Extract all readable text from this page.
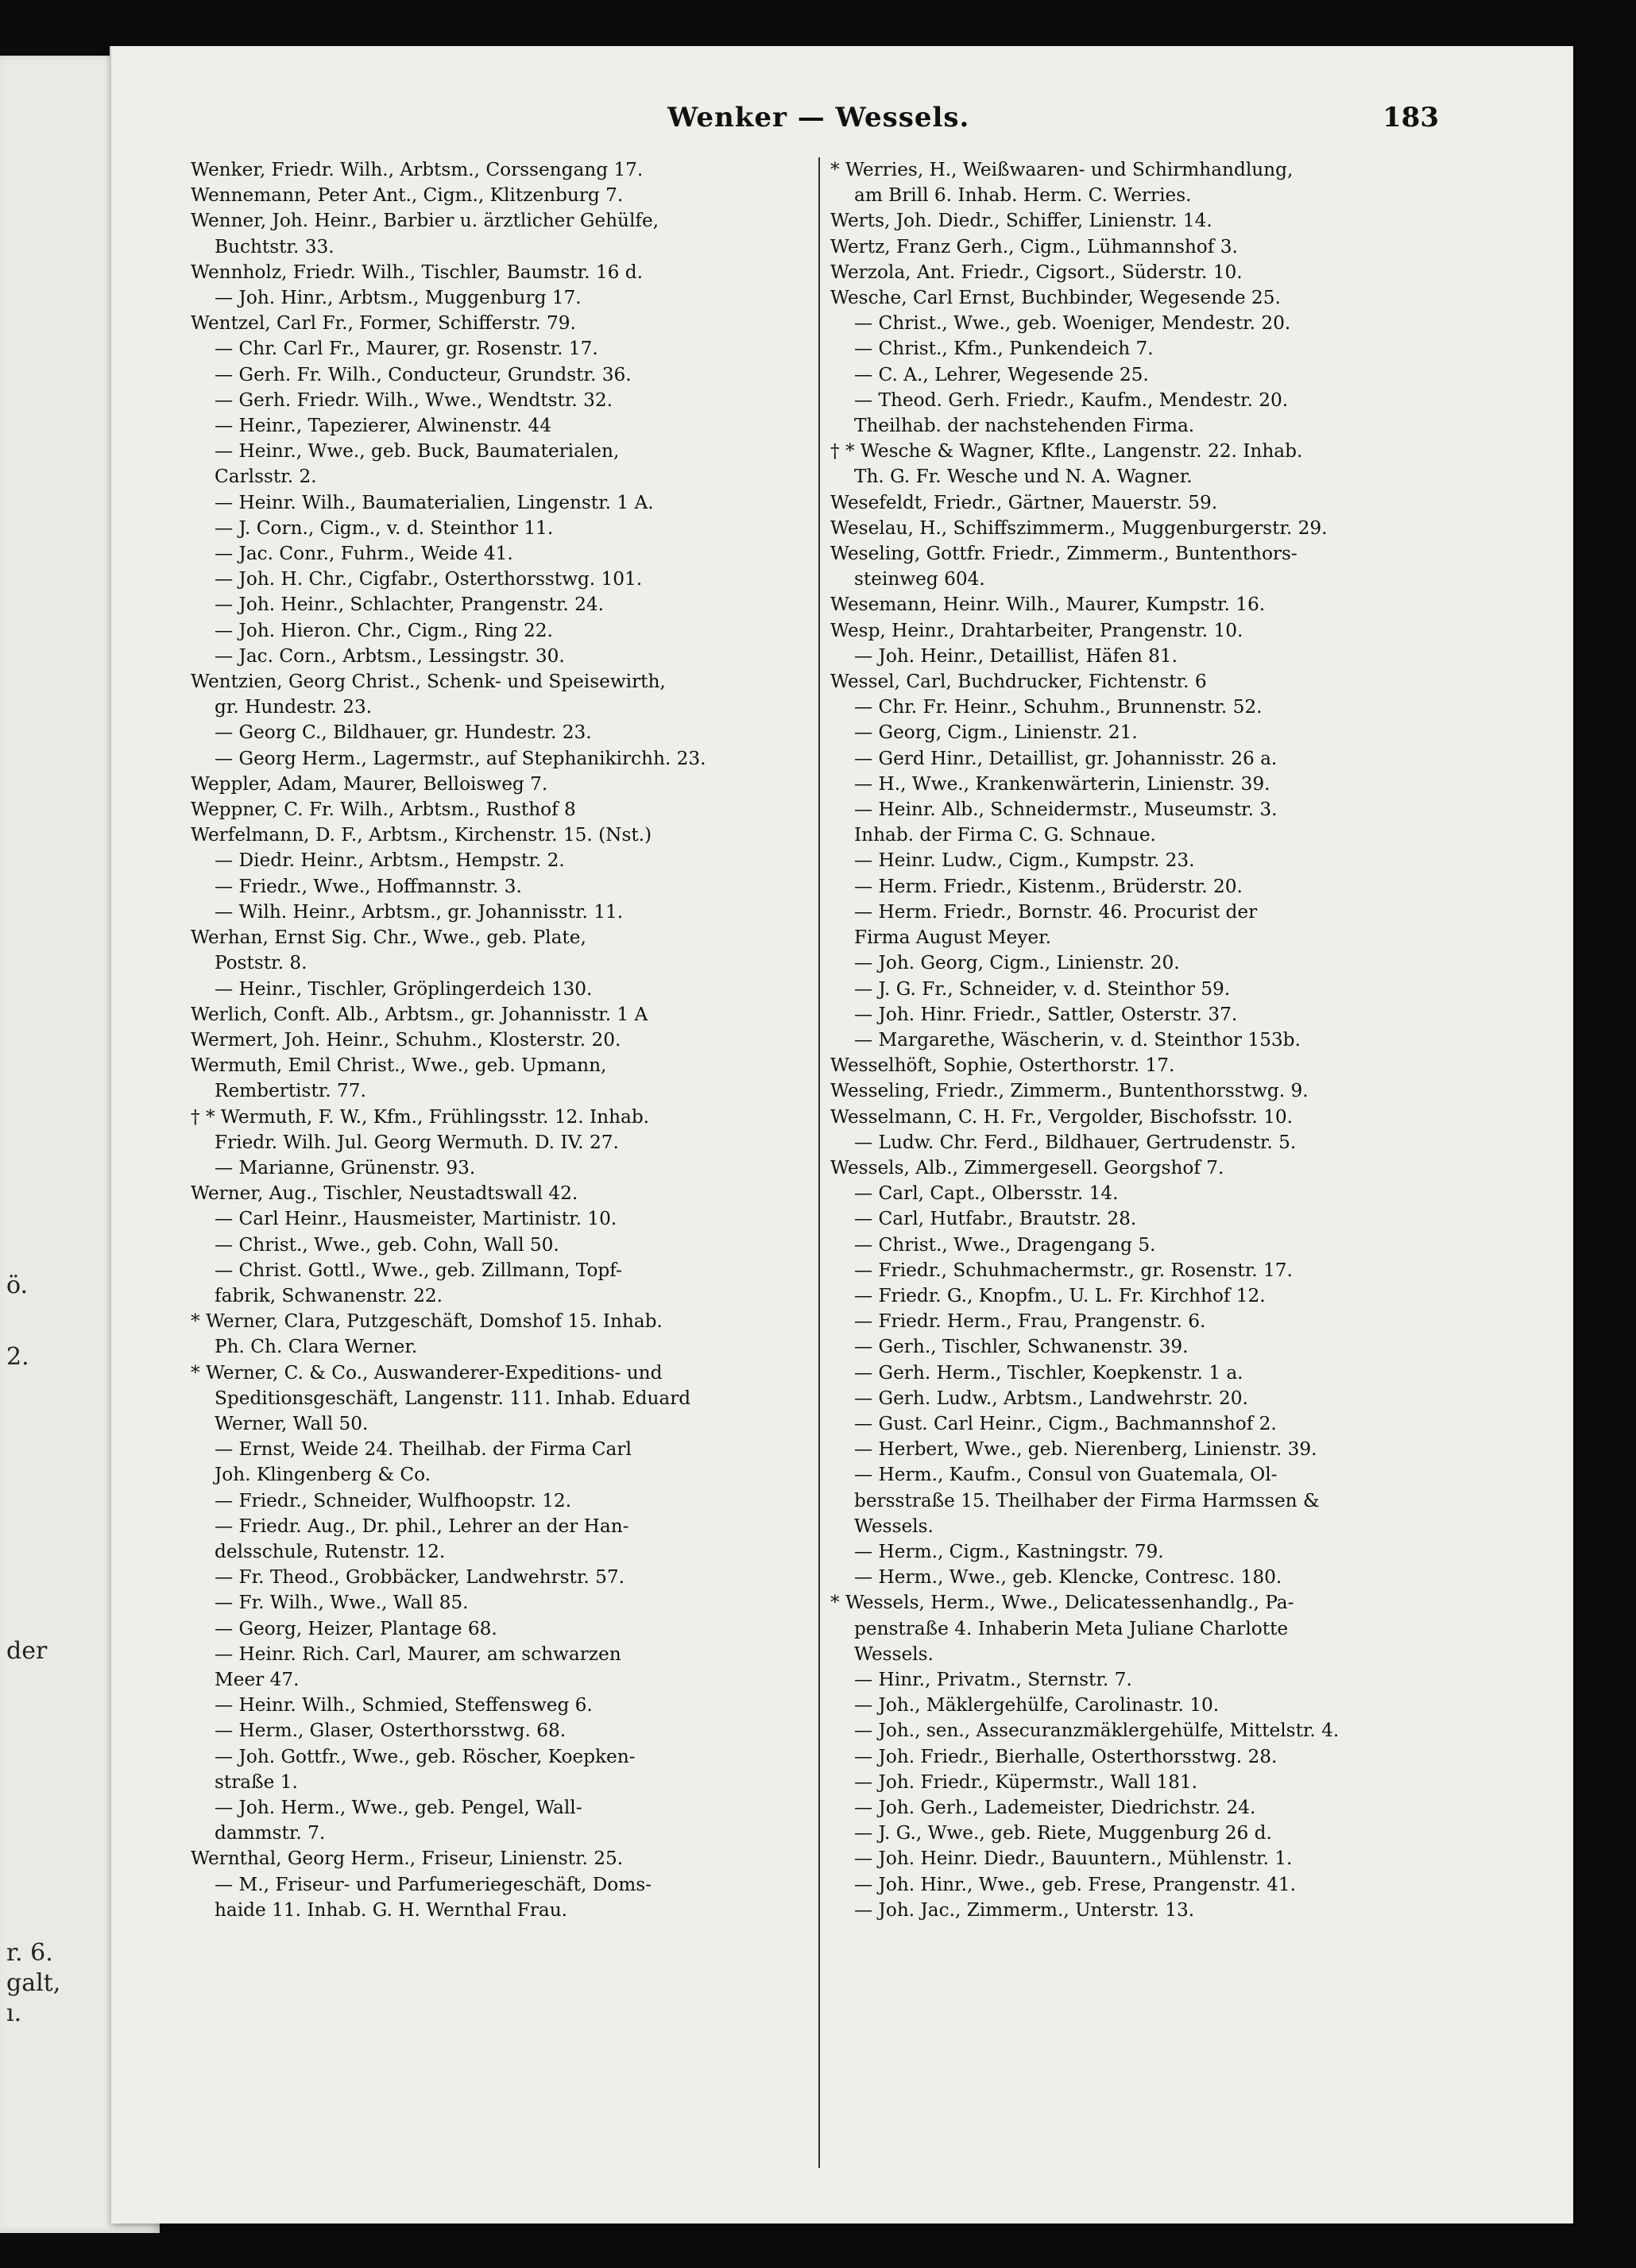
ö.
2.
der
r. 6.
galt,
ı.
Wenker — Wessels.	183
Wenker, Friedr. Wilh., Arbtsm., Corssengang 17.
Wennemann, Peter Ant., Cigm., Klitzenburg 7.
Wenner, Joh. Heinr., Barbier u. ärztlicher Gehülfe,
Buchtstr. 33.
Wennholz, Friedr. Wilh., Tischler, Baumstr. 16 d.
— Joh. Hinr., Arbtsm., Muggenburg 17.
Wentzel, Carl Fr., Former, Schifferstr. 79.
— Chr. Carl Fr., Maurer, gr. Rosenstr. 17.
— Gerh. Fr. Wilh., Conducteur, Grundstr. 36.
— Gerh. Friedr. Wilh., Wwe., Wendtstr. 32.
— Heinr., Tapezierer, Alwinenstr. 44
— Heinr., Wwe., geb. Buck, Baumaterialen,
Carlsstr. 2.
— Heinr. Wilh., Baumaterialien, Lingenstr. 1 A.
— J. Corn., Cigm., v. d. Steinthor 11.
— Jac. Conr., Fuhrm., Weide 41.
— Joh. H. Chr., Cigfabr., Osterthorsstwg. 101.
— Joh. Heinr., Schlachter, Prangenstr. 24.
— Joh. Hieron. Chr., Cigm., Ring 22.
— Jac. Corn., Arbtsm., Lessingstr. 30.
Wentzien, Georg Christ., Schenk- und Speisewirth,
gr. Hundestr. 23.
— Georg C., Bildhauer, gr. Hundestr. 23.
— Georg Herm., Lagermstr., auf Stephanikirchh. 23.
Weppler, Adam, Maurer, Belloisweg 7.
Weppner, C. Fr. Wilh., Arbtsm., Rusthof 8
Werfelmann, D. F., Arbtsm., Kirchenstr. 15. (Nst.)
— Diedr. Heinr., Arbtsm., Hempstr. 2.
— Friedr., Wwe., Hoffmannstr. 3.
— Wilh. Heinr., Arbtsm., gr. Johannisstr. 11.
Werhan, Ernst Sig. Chr., Wwe., geb. Plate,
Poststr. 8.
— Heinr., Tischler, Gröplingerdeich 130.
Werlich, Conft. Alb., Arbtsm., gr. Johannisstr. 1 A
Wermert, Joh. Heinr., Schuhm., Klosterstr. 20.
Wermuth, Emil Christ., Wwe., geb. Upmann,
Rembertistr. 77.
† * Wermuth, F. W., Kfm., Frühlingsstr. 12. Inhab.
Friedr. Wilh. Jul. Georg Wermuth. D. IV. 27.
— Marianne, Grünenstr. 93.
Werner, Aug., Tischler, Neustadtswall 42.
— Carl Heinr., Hausmeister, Martinistr. 10.
— Christ., Wwe., geb. Cohn, Wall 50.
— Christ. Gottl., Wwe., geb. Zillmann, Topf-
fabrik, Schwanenstr. 22.
* Werner, Clara, Putzgeschäft, Domshof 15. Inhab.
Ph. Ch. Clara Werner.
* Werner, C. & Co., Auswanderer-Expeditions- und
Speditionsgeschäft, Langenstr. 111. Inhab. Eduard
Werner, Wall 50.
— Ernst, Weide 24. Theilhab. der Firma Carl
Joh. Klingenberg & Co.
— Friedr., Schneider, Wulfhoopstr. 12.
— Friedr. Aug., Dr. phil., Lehrer an der Han-
delsschule, Rutenstr. 12.
— Fr. Theod., Grobbäcker, Landwehrstr. 57.
— Fr. Wilh., Wwe., Wall 85.
— Georg, Heizer, Plantage 68.
— Heinr. Rich. Carl, Maurer, am schwarzen
Meer 47.
— Heinr. Wilh., Schmied, Steffensweg 6.
— Herm., Glaser, Osterthorsstwg. 68.
— Joh. Gottfr., Wwe., geb. Röscher, Koepken-
straße 1.
— Joh. Herm., Wwe., geb. Pengel, Wall-
dammstr. 7.
Wernthal, Georg Herm., Friseur, Linienstr. 25.
— M., Friseur- und Parfumeriegeschäft, Doms-
haide 11. Inhab. G. H. Wernthal Frau.
* Werries, H., Weißwaaren- und Schirmhandlung,
am Brill 6. Inhab. Herm. C. Werries.
Werts, Joh. Diedr., Schiffer, Linienstr. 14.
Wertz, Franz Gerh., Cigm., Lühmannshof 3.
Werzola, Ant. Friedr., Cigsort., Süderstr. 10.
Wesche, Carl Ernst, Buchbinder, Wegesende 25.
— Christ., Wwe., geb. Woeniger, Mendestr. 20.
— Christ., Kfm., Punkendeich 7.
— C. A., Lehrer, Wegesende 25.
— Theod. Gerh. Friedr., Kaufm., Mendestr. 20.
Theilhab. der nachstehenden Firma.
† * Wesche & Wagner, Kflte., Langenstr. 22. Inhab.
Th. G. Fr. Wesche und N. A. Wagner.
Wesefeldt, Friedr., Gärtner, Mauerstr. 59.
Weselau, H., Schiffszimmerm., Muggenburgerstr. 29.
Weseling, Gottfr. Friedr., Zimmerm., Buntenthors-
steinweg 604.
Wesemann, Heinr. Wilh., Maurer, Kumpstr. 16.
Wesp, Heinr., Drahtarbeiter, Prangenstr. 10.
— Joh. Heinr., Detaillist, Häfen 81.
Wessel, Carl, Buchdrucker, Fichtenstr. 6
— Chr. Fr. Heinr., Schuhm., Brunnenstr. 52.
— Georg, Cigm., Linienstr. 21.
— Gerd Hinr., Detaillist, gr. Johannisstr. 26 a.
— H., Wwe., Krankenwärterin, Linienstr. 39.
— Heinr. Alb., Schneidermstr., Museumstr. 3.
Inhab. der Firma C. G. Schnaue.
— Heinr. Ludw., Cigm., Kumpstr. 23.
— Herm. Friedr., Kistenm., Brüderstr. 20.
— Herm. Friedr., Bornstr. 46. Procurist der
Firma August Meyer.
— Joh. Georg, Cigm., Linienstr. 20.
— J. G. Fr., Schneider, v. d. Steinthor 59.
— Joh. Hinr. Friedr., Sattler, Osterstr. 37.
— Margarethe, Wäscherin, v. d. Steinthor 153b.
Wesselhöft, Sophie, Osterthorstr. 17.
Wesseling, Friedr., Zimmerm., Buntenthorsstwg. 9.
Wesselmann, C. H. Fr., Vergolder, Bischofsstr. 10.
— Ludw. Chr. Ferd., Bildhauer, Gertrudenstr. 5.
Wessels, Alb., Zimmergesell. Georgshof 7.
— Carl, Capt., Olbersstr. 14.
— Carl, Hutfabr., Brautstr. 28.
— Christ., Wwe., Dragengang 5.
— Friedr., Schuhmachermstr., gr. Rosenstr. 17.
— Friedr. G., Knopfm., U. L. Fr. Kirchhof 12.
— Friedr. Herm., Frau, Prangenstr. 6.
— Gerh., Tischler, Schwanenstr. 39.
— Gerh. Herm., Tischler, Koepkenstr. 1 a.
— Gerh. Ludw., Arbtsm., Landwehrstr. 20.
— Gust. Carl Heinr., Cigm., Bachmannshof 2.
— Herbert, Wwe., geb. Nierenberg, Linienstr. 39.
— Herm., Kaufm., Consul von Guatemala, Ol-
bersstraße 15. Theilhaber der Firma Harmssen &
Wessels.
— Herm., Cigm., Kastningstr. 79.
— Herm., Wwe., geb. Klencke, Contresc. 180.
* Wessels, Herm., Wwe., Delicatessenhandlg., Pa-
penstraße 4. Inhaberin Meta Juliane Charlotte
Wessels.
— Hinr., Privatm., Sternstr. 7.
— Joh., Mäklergehülfe, Carolinastr. 10.
— Joh., sen., Assecuranzmäklergehülfe, Mittelstr. 4.
— Joh. Friedr., Bierhalle, Osterthorsstwg. 28.
— Joh. Friedr., Küpermstr., Wall 181.
— Joh. Gerh., Lademeister, Diedrichstr. 24.
— J. G., Wwe., geb. Riete, Muggenburg 26 d.
— Joh. Heinr. Diedr., Bauuntern., Mühlenstr. 1.
— Joh. Hinr., Wwe., geb. Frese, Prangenstr. 41.
— Joh. Jac., Zimmerm., Unterstr. 13.
